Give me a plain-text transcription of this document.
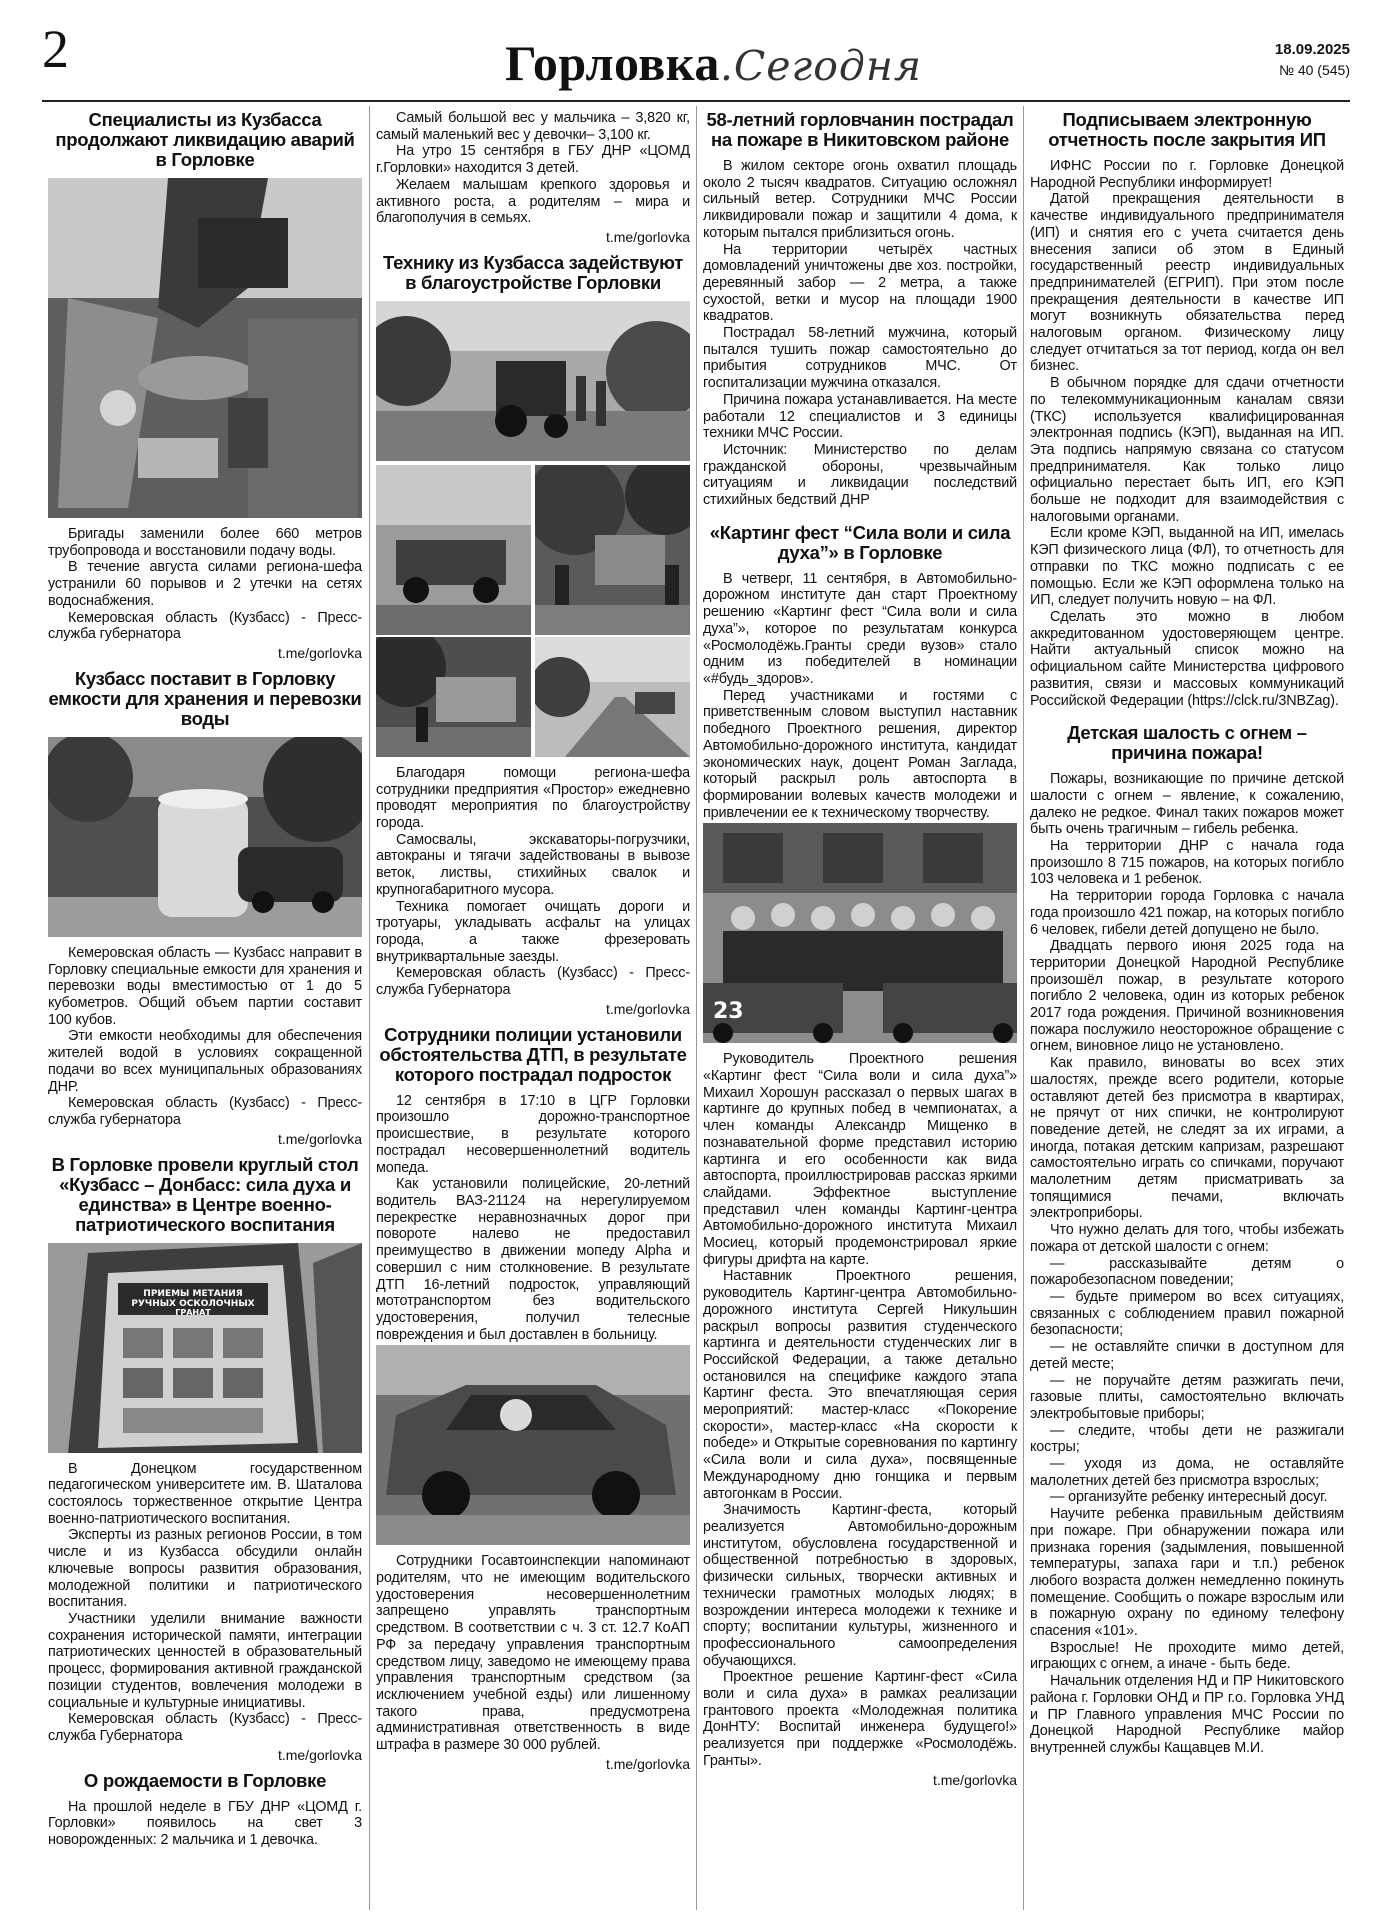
2	Горловка.Сегодня	18.09.2025
№ 40 (545)
Специалисты из Кузбасса продолжают ликвидацию аварий в Горловке

Бригады заменили более 660 метров трубопровода и восстановили подачу воды.

В течение августа силами региона-шефа устранили 60 порывов и 2 утечки на сетях водоснабжения.

Кемеровская область (Кузбасс) - Пресс-служба губернатора

t.me/gorlovka
Кузбасс поставит в Горловку емкости для хранения и перевозки воды

Кемеровская область — Кузбасс направит в Горловку специальные емкости для хранения и перевозки воды вместимостью от 1 до 5 кубометров. Общий объем партии составит 100 кубов.

Эти емкости необходимы для обеспечения жителей водой в условиях сокращенной подачи во всех муниципальных образованиях ДНР.

Кемеровская область (Кузбасс) - Пресс-служба губернатора

t.me/gorlovka
В Горловке провели круглый стол «Кузбасс – Донбасс: сила духа и единства» в Центре военно-патриотического воспитания
ПРИЕМЫ МЕТАНИЯ
РУЧНЫХ ОСКОЛОЧНЫХ
ГРАНАТ

В Донецком государственном педагогическом университете им. В. Шаталова состоялось торжественное открытие Центра военно-патриотического воспитания.

Эксперты из разных регионов России, в том числе и из Кузбасса обсудили онлайн ключевые вопросы развития образования, молодежной политики и патриотического воспитания.

Участники уделили внимание важности сохранения исторической памяти, интеграции патриотических ценностей в образовательный процесс, формирования активной гражданской позиции студентов, вовлечения молодежи в социальные и культурные инициативы.

Кемеровская область (Кузбасс) - Пресс-служба Губернатора

t.me/gorlovka
О рождаемости в Горловке

На прошлой неделе в ГБУ ДНР «ЦОМД г. Горловки» появилось на свет 3 новорожденных: 2 мальчика и 1 девочка.

Самый большой вес у мальчика – 3,820 кг, самый маленький вес у девочки– 3,100 кг.

На утро 15 сентября в ГБУ ДНР «ЦОМД г.Горловки» находится 3 детей.

Желаем малышам крепкого здоровья и активного роста, а родителям – мира и благополучия в семьях.

t.me/gorlovka
Технику из Кузбасса задействуют в благоустройстве Горловки

Благодаря помощи региона-шефа сотрудники предприятия «Простор» ежедневно проводят мероприятия по благоустройству города.

Самосвалы, экскаваторы-погрузчики, автокраны и тягачи задействованы в вывозе веток, листвы, стихийных свалок и крупногабаритного мусора.

Техника помогает очищать дороги и тротуары, укладывать асфальт на улицах города, а также фрезеровать внутриквартальные заезды.

Кемеровская область (Кузбасс) - Пресс-служба Губернатора

t.me/gorlovka
Сотрудники полиции установили обстоятельства ДТП, в результате которого пострадал подросток

12 сентября в 17:10 в ЦГР Горловки произошло дорожно-транспортное происшествие, в результате которого пострадал несовершеннолетний водитель мопеда.

Как установили полицейские, 20-летний водитель ВАЗ-21124 на нерегулируемом перекрестке неравнозначных дорог при повороте налево не предоставил преимущество в движении мопеду Alpha и совершил с ним столкновение. В результате ДТП 16-летний подросток, управляющий мототранспортом без водительского удостоверения, получил телесные повреждения и был доставлен в больницу.

Сотрудники Госавтоинспекции напоминают родителям, что не имеющим водительского удостоверения несовершеннолетним запрещено управлять транспортным средством. В соответствии с ч. 3 ст. 12.7 КоАП РФ за передачу управления транспортным средством лицу, заведомо не имеющему права управления транспортным средством (за исключением учебной езды) или лишенному такого права, предусмотрена административная ответственность в виде штрафа в размере 30 000 рублей.

t.me/gorlovka
58-летний горловчанин пострадал на пожаре в Никитовском районе

В жилом секторе огонь охватил площадь около 2 тысяч квадратов. Ситуацию осложнял сильный ветер. Сотрудники МЧС России ликвидировали пожар и защитили 4 дома, к которым пытался приблизиться огонь.

На территории четырёх частных домовладений уничтожены две хоз. постройки, деревянный забор — 2 метра, а также сухостой, ветки и мусор на площади 1900 квадратов.

Пострадал 58-летний мужчина, который пытался тушить пожар самостоятельно до прибытия сотрудников МЧС. От госпитализации мужчина отказался.

Причина пожара устанавливается. На месте работали 12 специалистов и 3 единицы техники МЧС России.

Источник: Министерство по делам гражданской обороны, чрезвычайным ситуациям и ликвидации последствий стихийных бедствий ДНР

«Картинг фест “Сила воли и сила духа”» в Горловке

В четверг, 11 сентября, в Автомобильно-дорожном институте дан старт Проектному решению «Картинг фест “Сила воли и сила духа”», которое по результатам конкурса «Росмолодёжь.Гранты среди вузов» стало одним из победителей в номинации «#будь_здоров».

Перед участниками и гостями с приветственным словом выступил наставник победного Проектного решения, директор Автомобильно-дорожного института, кандидат экономических наук, доцент Роман Заглада, который раскрыл роль автоспорта в формировании волевых качеств молодежи и привлечении ее к техническому творчеству.

23

Руководитель Проектного решения «Картинг фест “Сила воли и сила духа”» Михаил Хорошун рассказал о первых шагах в картинге до крупных побед в чемпионатах, а член команды Александр Мищенко в познавательной форме представил историю картинга и его особенности как вида автоспорта, проиллюстрировав рассказ яркими слайдами. Эффектное выступление представил член команды Картинг-центра Автомобильно-дорожного института Михаил Мосиец, который продемонстрировал яркие фигуры дрифта на карте.

Наставник Проектного решения, руководитель Картинг-центра Автомобильно-дорожного института Сергей Никульшин раскрыл вопросы развития студенческого картинга и деятельности студенческих лиг в Российской Федерации, а также детально остановился на специфике каждого этапа Картинг феста. Это впечатляющая серия мероприятий: мастер-класс «Покорение скорости», мастер-класс «На скорости к победе» и Открытые соревнования по картингу «Сила воли и сила духа», посвященные Международному дню гонщика и первым автогонкам в России.

Значимость Картинг-феста, который реализуется Автомобильно-дорожным институтом, обусловлена государственной и общественной потребностью в здоровых, физически сильных, творчески активных и технически грамотных молодых людях; в возрождении интереса молодежи к технике и спорту; воспитании культуры, жизненного и профессионального самоопределения обучающихся.

Проектное решение Картинг-фест «Сила воли и сила духа» в рамках реализации грантового проекта «Молодежная политика ДонНТУ: Воспитай инженера будущего!» реализуется при поддержке «Росмолодёжь. Гранты».

t.me/gorlovka
Подписываем электронную отчетность после закрытия ИП

ИФНС России по г. Горловке Донецкой Народной Республики информирует!

Датой прекращения деятельности в качестве индивидуального предпринимателя (ИП) и снятия его с учета считается день внесения записи об этом в Единый государственный реестр индивидуальных предпринимателей (ЕГРИП). При этом после прекращения деятельности в качестве ИП могут возникнуть обязательства перед налоговым органом. Физическому лицу следует отчитаться за тот период, когда он вел бизнес.

В обычном порядке для сдачи отчетности по телекоммуникационным каналам связи (ТКС) используется квалифицированная электронная подпись (КЭП), выданная на ИП. Эта подпись напрямую связана со статусом предпринимателя. Как только лицо официально перестает быть ИП, его КЭП больше не подходит для взаимодействия с налоговыми органами.

Если кроме КЭП, выданной на ИП, имелась КЭП физического лица (ФЛ), то отчетность для отправки по ТКС можно подписать с ее помощью. Если же КЭП оформлена только на ИП, следует получить новую – на ФЛ.

Сделать это можно в любом аккредитованном удостоверяющем центре. Найти актуальный список можно на официальном сайте Министерства цифрового развития, связи и массовых коммуникаций Российской Федерации (https://clck.ru/3NBZag).

Детская шалость с огнем – причина пожара!

Пожары, возникающие по причине детской шалости с огнем – явление, к сожалению, далеко не редкое. Финал таких пожаров может быть очень трагичным – гибель ребенка.

На территории ДНР с начала года произошло 8 715 пожаров, на которых погибло 103 человека и 1 ребенок.

На территории города Горловка с начала года произошло 421 пожар, на которых погибло 6 человек, гибели детей допущено не было.

Двадцать первого июня 2025 года на территории Донецкой Народной Республике произошёл пожар, в результате которого погибло 2 человека, один из которых ребенок 2017 года рождения. Причиной возникновения пожара послужило неосторожное обращение с огнем, виновное лицо не установлено.

Как правило, виноваты во всех этих шалостях, прежде всего родители, которые оставляют детей без присмотра в квартирах, не прячут от них спички, не контролируют поведение детей, не следят за их играми, а иногда, потакая детским капризам, разрешают самостоятельно играть со спичками, поручают малолетним детям присматривать за топящимися печами, включать электроприборы.

Что нужно делать для того, чтобы избежать пожара от детской шалости с огнем:

— рассказывайте детям о пожаробезопасном поведении;

— будьте примером во всех ситуациях, связанных с соблюдением правил пожарной безопасности;

— не оставляйте спички в доступном для детей месте;

— не поручайте детям разжигать печи, газовые плиты, самостоятельно включать электробытовые приборы;

— следите, чтобы дети не разжигали костры;

— уходя из дома, не оставляйте малолетних детей без присмотра взрослых;

— организуйте ребенку интересный досуг.

Научите ребенка правильным действиям при пожаре. При обнаружении пожара или признака горения (задымления, повышенной температуры, запаха гари и т.п.) ребенок любого возраста должен немедленно покинуть помещение. Сообщить о пожаре взрослым или в пожарную охрану по единому телефону спасения «101».

Взрослые! Не проходите мимо детей, играющих с огнем, а иначе - быть беде.

Начальник отделения НД и ПР Никитовского района г. Горловки ОНД и ПР г.о. Горловка УНД и ПР Главного управления МЧС России по Донецкой Народной Республике майор внутренней службы Кащавцев М.И.
